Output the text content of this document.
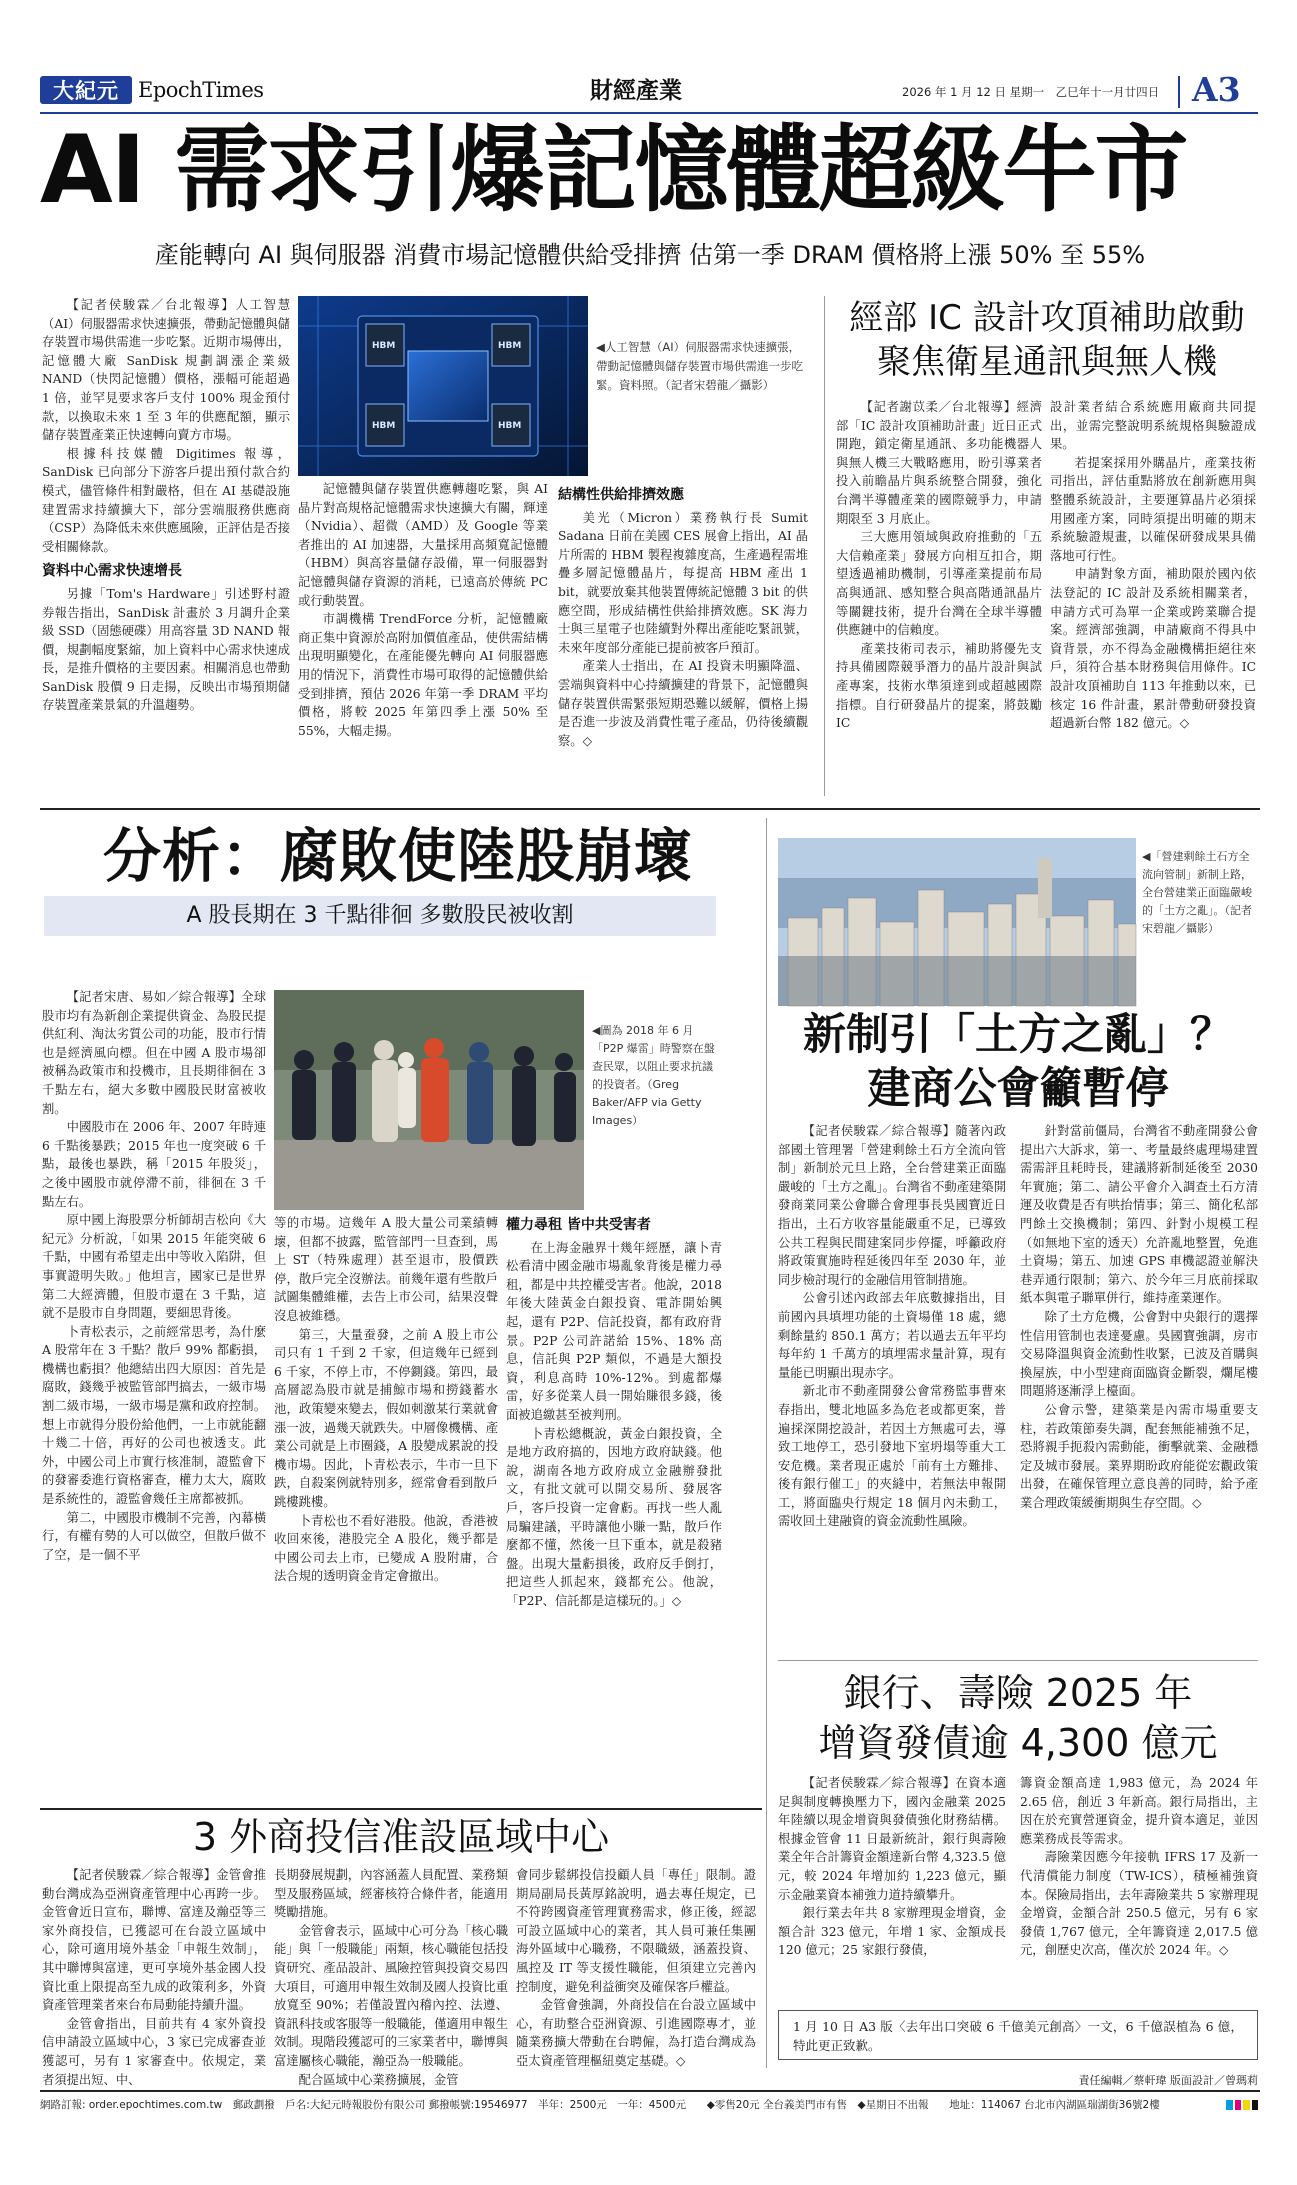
大紀元 EpochTimes	財經產業	2026 年 1 月 12 日 星期一　乙巳年十一月廿四日 A3
AI 需求引爆記憶體超級牛市
產能轉向 AI 與伺服器 消費市場記憶體供給受排擠 估第一季 DRAM 價格將上漲 50% 至 55%
HBM
HBM
HBM
HBM
◀人工智慧（AI）伺服器需求快速擴張，帶動記憶體與儲存裝置市場供需進一步吃緊。資料照。（記者宋碧龍／攝影）

【記者侯駿霖／台北報導】人工智慧（AI）伺服器需求快速擴張，帶動記憶體與儲存裝置市場供需進一步吃緊。近期市場傳出，記憶體大廠 SanDisk 規劃調漲企業級 NAND（快閃記憶體）價格，漲幅可能超過 1 倍，並罕見要求客戶支付 100% 現金預付款，以換取未來 1 至 3 年的供應配額，顯示儲存裝置產業正快速轉向賣方市場。

根據科技媒體 Digitimes 報導，SanDisk 已向部分下游客戶提出預付款合約模式，儘管條件相對嚴格，但在 AI 基礎設施建置需求持續擴大下，部分雲端服務供應商（CSP）為降低未來供應風險，正評估是否接受相關條款。

資料中心需求快速增長

另據「Tom's Hardware」引述野村證券報告指出，SanDisk 計畫於 3 月調升企業級 SSD（固態硬碟）用高容量 3D NAND 報價，規劃幅度緊縮，加上資料中心需求快速成長，是推升價格的主要因素。相關消息也帶動 SanDisk 股價 9 日走揚，反映出市場預期儲存裝置產業景氣的升溫趨勢。

記憶體與儲存裝置供應轉趨吃緊，與 AI 晶片對高規格記憶體需求快速擴大有關，輝達（Nvidia）、超微（AMD）及 Google 等業者推出的 AI 加速器，大量採用高頻寬記憶體（HBM）與高容量儲存設備，單一伺服器對記憶體與儲存資源的消耗，已遠高於傳統 PC 或行動裝置。

市調機構 TrendForce 分析，記憶體廠商正集中資源於高附加價值產品，使供需結構出現明顯變化，在產能優先轉向 AI 伺服器應用的情況下，消費性市場可取得的記憶體供給受到排擠，預估 2026 年第一季 DRAM 平均價格，將較 2025 年第四季上漲 50% 至 55%，大幅走揚。

結構性供給排擠效應

美光（Micron）業務執行長 Sumit Sadana 日前在美國 CES 展會上指出，AI 晶片所需的 HBM 製程複雜度高，生產過程需堆疊多層記憶體晶片，每提高 HBM 產出 1 bit，就要放棄其他裝置傳統記憶體 3 bit 的供應空間，形成結構性供給排擠效應。SK 海力士與三星電子也陸續對外釋出產能吃緊訊號，未來年度部分產能已提前被客戶預訂。

產業人士指出，在 AI 投資未明顯降溫、雲端與資料中心持續擴建的背景下，記憶體與儲存裝置供需緊張短期恐難以緩解，價格上揚是否進一步波及消費性電子產品，仍待後續觀察。◇

經部 IC 設計攻頂補助啟動
聚焦衛星通訊與無人機

【記者謝苡柔／台北報導】經濟部「IC 設計攻頂補助計畫」近日正式開跑，鎖定衛星通訊、多功能機器人與無人機三大戰略應用，盼引導業者投入前瞻晶片與系統整合開發，強化台灣半導體產業的國際競爭力，申請期限至 3 月底止。

三大應用領域與政府推動的「五大信賴產業」發展方向相互扣合，期望透過補助機制，引導產業提前布局高與通訊、感知整合與高階通訊晶片等關鍵技術，提升台灣在全球半導體供應鏈中的信賴度。

產業技術司表示，補助將優先支持具備國際競爭潛力的晶片設計與試產專案，技術水準須達到或超越國際指標。自行研發晶片的提案，將鼓勵 IC

設計業者結合系統應用廠商共同提出，並需完整說明系統規格與驗證成果。

若提案採用外購晶片，產業技術司指出，評估重點將放在創新應用與整體系統設計，主要運算晶片必須採用國產方案，同時須提出明確的期末系統驗證規畫，以確保研發成果具備落地可行性。

申請對象方面，補助限於國內依法登記的 IC 設計及系統相關業者，申請方式可為單一企業或跨業聯合提案。經濟部強調，申請廠商不得具中資背景，亦不得為金融機構拒絕往來戶，須符合基本財務與信用條件。IC 設計攻頂補助自 113 年推動以來，已核定 16 件計畫，累計帶動研發投資超過新台幣 182 億元。◇

分析：腐敗使陸股崩壞
A 股長期在 3 千點徘徊 多數股民被收割
◀圖為 2018 年 6 月「P2P 爆雷」時警察在盤查民眾，以阻止要求抗議的投資者。（Greg Baker/AFP via Getty Images）

【記者宋唐、易如／綜合報導】全球股市均有為新創企業提供資金、為股民提供紅利、淘汰劣質公司的功能，股市行情也是經濟風向標。但在中國 A 股市場卻被稱為政策市和投機市，且長期徘徊在 3 千點左右，絕大多數中國股民財富被收割。

中國股市在 2006 年、2007 年時連 6 千點後暴跌；2015 年也一度突破 6 千點，最後也暴跌，稱「2015 年股災」，之後中國股市就停滯不前，徘徊在 3 千點左右。

原中國上海股票分析師胡吉松向《大紀元》分析說，「如果 2015 年能突破 6 千點，中國有希望走出中等收入陷阱，但事實證明失敗。」他坦言，國家已是世界第二大經濟體，但股市還在 3 千點，這就不是股市自身問題，要細思背後。

卜青松表示，之前經常思考，為什麼 A 股常年在 3 千點？散戶 99% 都虧損，機構也虧損？他總結出四大原因：首先是腐敗，錢幾乎被監管部門搞去，一級市場割二級市場，一級市場是黨和政府控制。想上市就得分股份給他們，一上市就能翻十幾二十倍，再好的公司也被透支。此外，中國公司上市實行核准制，證監會下的發審委進行資格審查，權力太大，腐敗是系統性的，證監會幾任主席都被抓。

第二，中國股市機制不完善，內幕橫行，有權有勢的人可以做空，但散戶做不了空，是一個不平

等的市場。這幾年 A 股大量公司業績轉壞，但都不披露，監管部門一旦查到，馬上 ST（特殊處理）甚至退市，股價跌停，散戶完全沒辦法。前幾年還有些散戶試圖集體維權，去告上市公司，結果沒聲沒息被維穩。

第三，大量蚕發，之前 A 股上市公司只有 1 千到 2 千家，但這幾年已經到 6 千家，不停上市，不停鍘錢。第四，最高層認為股市就是捕鯨市場和撈錢蓄水池，政策變來變去，假如刺激某行業就會漲一波，過幾天就跌失。中層像機構、產業公司就是上市圈錢，A 股變成累說的投機市場。因此，卜青松表示，牛市一旦下跌，自殺案例就特別多，經常會看到散戶跳樓跳樓。

卜青松也不看好港股。他說，香港被收回來後，港股完全 A 股化，幾乎都是中國公司去上市，已變成 A 股附庸，合法合規的透明資金肯定會撤出。

權力尋租 皆中共受害者

在上海金融界十幾年經歷，讓卜青松看清中國金融市場亂象背後是權力尋租，都是中共控權受害者。他說，2018 年後大陸黃金白銀投資、電詐開始興起，還有 P2P、信託投資，都有政府背景。P2P 公司許諾給 15%、18% 高息，信託與 P2P 類似，不過是大額投資，利息高時 10%-12%。到處都爆雷，好多從業人員一開始賺很多錢，後面被追繳甚至被判刑。

卜青松總概說，黃金白銀投資，全是地方政府搞的，因地方政府缺錢。他說，湖南各地方政府成立金融辦發批文，有批文就可以開交易所、發展客戶，客戶投資一定會虧。再找一些人亂局騙建議，平時讓他小賺一點，散戶作麼都不懂，然後一旦下重本，就是殺豬盤。出現大量虧損後，政府反手倒打，把這些人抓起來，錢都充公。他說，「P2P、信託都是這樣玩的。」◇

◀「營建剩餘土石方全流向管制」新制上路，全台營建業正面臨嚴峻的「土方之亂」。（記者宋碧龍／攝影）
新制引「土方之亂」？
建商公會籲暫停

【記者侯駿霖／綜合報導】隨著內政部國土管理署「營建剩餘土石方全流向管制」新制於元旦上路，全台營建業正面臨嚴峻的「土方之亂」。台灣省不動產建築開發商業同業公會聯合會理事長吳國寶近日指出，土石方收容量能嚴重不足，已導致公共工程與民間建案同步停擺，呼籲政府將政策實施時程延後四年至 2030 年，並同步檢討現行的金融信用管制措施。

公會引述內政部去年底數據指出，目前國內具填埋功能的土資場僅 18 處，總剩餘量約 850.1 萬方；若以過去五年平均每年約 1 千萬方的填埋需求量計算，現有量能已明顯出現赤字。

新北市不動產開發公會常務監事曹來春指出，雙北地區多為危老或都更案，普遍採深開挖設計，若因土方無處可去，導致工地停工，恐引發地下室坍塌等重大工安危機。業者現正處於「前有土方難排、後有銀行催工」的夾縫中，若無法申報開工，將面臨央行規定 18 個月內未動工，需收回土建融資的資金流動性風險。

針對當前僵局，台灣省不動產開發公會提出六大訴求，第一、考量最終處理場建置需需評且耗時長，建議將新制延後至 2030 年實施；第二、請公平會介入調查土石方清運及收費是否有哄抬情事；第三、簡化私部門餘土交換機制；第四、針對小規模工程（如無地下室的透天）允許亂地整置，免進土資場；第五、加速 GPS 車機認證並解決巷弄通行限制；第六、於今年三月底前採取紙本與電子聯單併行，維持產業運作。

除了土方危機，公會對中央銀行的選擇性信用管制也表達憂慮。吳國寶強調，房市交易降溫與資金流動性收緊，已波及首購與換屋族，中小型建商面臨資金斷裂，爛尾樓問題將逐漸浮上檯面。

公會示警，建築業是內需市場重要支柱，若政策節奏失調，配套無能補強不足，恐將親手扼殺內需動能，衝擊就業、金融穩定及城市發展。業界期盼政府能從宏觀政策出發，在確保管理立意良善的同時，給予產業合理政策緩衝期與生存空間。◇

銀行、壽險 2025 年
增資發債逾 4,300 億元

【記者侯駿霖／綜合報導】在資本適足與制度轉換壓力下，國內金融業 2025 年陸續以現金增資與發債強化財務結構。根據金管會 11 日最新統計，銀行與壽險業全年合計籌資金額達新台幣 4,323.5 億元，較 2024 年增加約 1,223 億元，顯示金融業資本補強力道持續攀升。

銀行業去年共 8 家辦理現金增資，金額合計 323 億元，年增 1 家、金額成長 120 億元；25 家銀行發債，

籌資金額高達 1,983 億元，為 2024 年 2.65 倍，創近 3 年新高。銀行局指出，主因在於充實營運資金，提升資本適足，並因應業務成長等需求。

壽險業因應今年接軌 IFRS 17 及新一代清償能力制度（TW-ICS），積極補強資本。保險局指出，去年壽險業共 5 家辦理現金增資，金額合計 250.5 億元，另有 6 家發債 1,767 億元，全年籌資達 2,017.5 億元，創歷史次高，僅次於 2024 年。◇

1 月 10 日 A3 版〈去年出口突破 6 千億美元創高〉一文，6 千億誤植為 6 億，特此更正致歉。
3 外商投信准設區域中心

【記者侯駿霖／綜合報導】金管會推動台灣成為亞洲資產管理中心再跨一步。金管會近日宣布，聯博、富達及瀚亞等三家外商投信，已獲認可在台設立區域中心，除可適用境外基金「申報生效制」，其中聯博與富達，更可享境外基金國人投資比重上限提高至九成的政策利多，外資資產管理業者來台布局動能持續升溫。

金管會指出，目前共有 4 家外資投信申請設立區域中心，3 家已完成審查並獲認可，另有 1 家審查中。依規定，業者須提出短、中、

長期發展規劃，內容涵蓋人員配置、業務類型及服務區域，經審核符合條件者，能適用獎勵措施。

金管會表示，區域中心可分為「核心職能」與「一般職能」兩類，核心職能包括投資研究、產品設計、風險控管與投資交易四大項目，可適用申報生效制及國人投資比重放寬至 90%；若僅設置內稽內控、法遵、資訊科技或客服等一般職能，僅適用申報生效制。現階段獲認可的三家業者中，聯博與富達屬核心職能，瀚亞為一般職能。

配合區域中心業務擴展，金管

會同步鬆綁投信投顧人員「專任」限制。證期局副局長黃厚銘說明，過去專任規定，已不符跨國資產管理實務需求，修正後，經認可設立區域中心的業者，其人員可兼任集團海外區域中心職務，不限職級，涵蓋投資、風控及 IT 等支援性職能，但須建立完善內控制度，避免利益衝突及確保客戶權益。

金管會強調，外商投信在台設立區域中心，有助整合亞洲資源、引進國際專才，並隨業務擴大帶動在台聘僱，為打造台灣成為亞太資產管理樞紐奠定基礎。◇

責任編輯／蔡軒瑋 版面設計／曾瑪莉
網路訂報: order.epochtimes.com.tw　郵政劃撥　戶名:大紀元時報股份有限公司 郵撥帳號:19546977　半年：2500元　一年：4500元 ◆零售20元 全台義美門市有售　◆星期日不出報 地址：114067 台北市內湖區瑞湖街36號2樓
